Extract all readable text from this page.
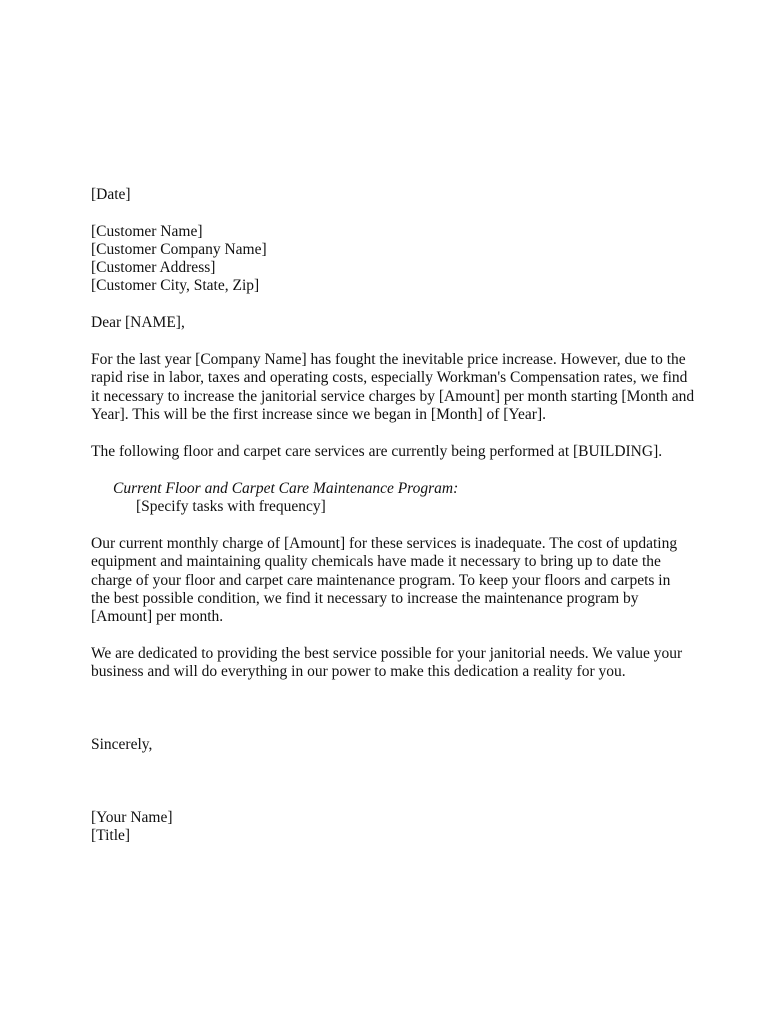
[Date]
[Customer Name]
[Customer Company Name]
[Customer Address]
[Customer City, State, Zip]
Dear [NAME],
For the last year [Company Name] has fought the inevitable price increase. However, due to the
rapid rise in labor, taxes and operating costs, especially Workman's Compensation rates, we find
it necessary to increase the janitorial service charges by [Amount] per month starting [Month and
Year]. This will be the first increase since we began in [Month] of [Year].
The following floor and carpet care services are currently being performed at [BUILDING].
Current Floor and Carpet Care Maintenance Program:
[Specify tasks with frequency]
Our current monthly charge of [Amount] for these services is inadequate. The cost of updating
equipment and maintaining quality chemicals have made it necessary to bring up to date the
charge of your floor and carpet care maintenance program. To keep your floors and carpets in
the best possible condition, we find it necessary to increase the maintenance program by
[Amount] per month.
We are dedicated to providing the best service possible for your janitorial needs. We value your
business and will do everything in our power to make this dedication a reality for you.
Sincerely,
[Your Name]
[Title]
